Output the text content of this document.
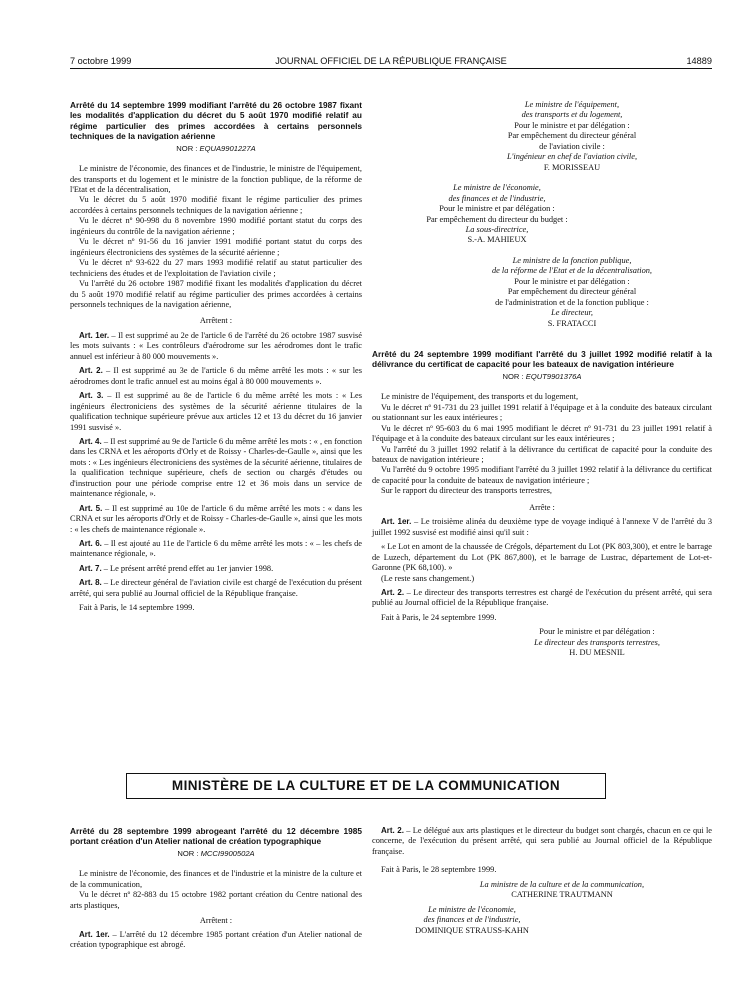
7 octobre 1999	JOURNAL OFFICIEL DE LA RÉPUBLIQUE FRANÇAISE	14889

Arrêté du 14 septembre 1999 modifiant l'arrêté du 26 octobre 1987 fixant les modalités d'application du décret du 5 août 1970 modifié relatif au régime particulier des primes accordées à certains personnels techniques de la navigation aérienne

NOR : EQUA9901227A

Le ministre de l'économie, des finances et de l'industrie, le ministre de l'équipement, des transports et du logement et le ministre de la fonction publique, de la réforme de l'Etat et de la décentralisation,

Vu le décret du 5 août 1970 modifié fixant le régime particulier des primes accordées à certains personnels techniques de la navigation aérienne ;

Vu le décret nº 90-998 du 8 novembre 1990 modifié portant statut du corps des ingénieurs du contrôle de la navigation aérienne ;

Vu le décret nº 91-56 du 16 janvier 1991 modifié portant statut du corps des ingénieurs électroniciens des systèmes de la sécurité aérienne ;

Vu le décret nº 93-622 du 27 mars 1993 modifié relatif au statut particulier des techniciens des études et de l'exploitation de l'aviation civile ;

Vu l'arrêté du 26 octobre 1987 modifié fixant les modalités d'application du décret du 5 août 1970 modifié relatif au régime particulier des primes accordées à certains personnels techniques de la navigation aérienne,

Arrêtent :

Art. 1er. – Il est supprimé au 2e de l'article 6 de l'arrêté du 26 octobre 1987 susvisé les mots suivants : « Les contrôleurs d'aérodrome sur les aérodromes dont le trafic annuel est inférieur à 80 000 mouvements ».

Art. 2. – Il est supprimé au 3e de l'article 6 du même arrêté les mots : « sur les aérodromes dont le trafic annuel est au moins égal à 80 000 mouvements ».

Art. 3. – Il est supprimé au 8e de l'article 6 du même arrêté les mots : « Les ingénieurs électroniciens des systèmes de la sécurité aérienne titulaires de la qualification technique supérieure prévue aux articles 12 et 13 du décret du 16 janvier 1991 susvisé ».

Art. 4. – Il est supprimé au 9e de l'article 6 du même arrêté les mots : « , en fonction dans les CRNA et les aéroports d'Orly et de Roissy - Charles-de-Gaulle », ainsi que les mots : « Les ingénieurs électroniciens des systèmes de la sécurité aérienne, titulaires de la qualification technique supérieure, chefs de section ou chargés d'études ou d'instruction pour une période comprise entre 12 et 36 mois dans un service de maintenance régionale, ».

Art. 5. – Il est supprimé au 10e de l'article 6 du même arrêté les mots : « dans les CRNA et sur les aéroports d'Orly et de Roissy - Charles-de-Gaulle », ainsi que les mots : « les chefs de maintenance régionale ».

Art. 6. – Il est ajouté au 11e de l'article 6 du même arrêté les mots : « – les chefs de maintenance régionale, ».

Art. 7. – Le présent arrêté prend effet au 1er janvier 1998.

Art. 8. – Le directeur général de l'aviation civile est chargé de l'exécution du présent arrêté, qui sera publié au Journal officiel de la République française.

Fait à Paris, le 14 septembre 1999.

Le ministre de l'équipement,

des transports et du logement,

Pour le ministre et par délégation :

Par empêchement du directeur général

de l'aviation civile :

L'ingénieur en chef de l'aviation civile,

F. MORISSEAU

Le ministre de l'économie,

des finances et de l'industrie,

Pour le ministre et par délégation :

Par empêchement du directeur du budget :

La sous-directrice,

S.-A. MAHIEUX

Le ministre de la fonction publique,

de la réforme de l'Etat et de la décentralisation,

Pour le ministre et par délégation :

Par empêchement du directeur général

de l'administration et de la fonction publique :

Le directeur,

S. FRATACCI

Arrêté du 24 septembre 1999 modifiant l'arrêté du 3 juillet 1992 modifié relatif à la délivrance du certificat de capacité pour les bateaux de navigation intérieure

NOR : EQUT9901376A

Le ministre de l'équipement, des transports et du logement,

Vu le décret nº 91-731 du 23 juillet 1991 relatif à l'équipage et à la conduite des bateaux circulant ou stationnant sur les eaux intérieures ;

Vu le décret nº 95-603 du 6 mai 1995 modifiant le décret nº 91-731 du 23 juillet 1991 relatif à l'équipage et à la conduite des bateaux circulant sur les eaux intérieures ;

Vu l'arrêté du 3 juillet 1992 relatif à la délivrance du certificat de capacité pour la conduite des bateaux de navigation intérieure ;

Vu l'arrêté du 9 octobre 1995 modifiant l'arrêté du 3 juillet 1992 relatif à la délivrance du certificat de capacité pour la conduite de bateaux de navigation intérieure ;

Sur le rapport du directeur des transports terrestres,

Arrête :

Art. 1er. – Le troisième alinéa du deuxième type de voyage indiqué à l'annexe V de l'arrêté du 3 juillet 1992 susvisé est modifié ainsi qu'il suit :

« Le Lot en amont de la chaussée de Crégols, département du Lot (PK 803,300), et entre le barrage de Luzech, département du Lot (PK 867,800), et le barrage de Lustrac, département de Lot-et-Garonne (PK 68,100). »

(Le reste sans changement.)

Art. 2. – Le directeur des transports terrestres est chargé de l'exécution du présent arrêté, qui sera publié au Journal officiel de la République française.

Fait à Paris, le 24 septembre 1999.

Pour le ministre et par délégation :

Le directeur des transports terrestres,

H. DU MESNIL

MINISTÈRE DE LA CULTURE ET DE LA COMMUNICATION

Arrêté du 28 septembre 1999 abrogeant l'arrêté du 12 décembre 1985 portant création d'un Atelier national de création typographique

NOR : MCCI9900502A

Le ministre de l'économie, des finances et de l'industrie et la ministre de la culture et de la communication,

Vu le décret nº 82-883 du 15 octobre 1982 portant création du Centre national des arts plastiques,

Arrêtent :

Art. 1er. – L'arrêté du 12 décembre 1985 portant création d'un Atelier national de création typographique est abrogé.

Art. 2. – Le délégué aux arts plastiques et le directeur du budget sont chargés, chacun en ce qui le concerne, de l'exécution du présent arrêté, qui sera publié au Journal officiel de la République française.

Fait à Paris, le 28 septembre 1999.

La ministre de la culture et de la communication,

CATHERINE TRAUTMANN

Le ministre de l'économie,

des finances et de l'industrie,

DOMINIQUE STRAUSS-KAHN
